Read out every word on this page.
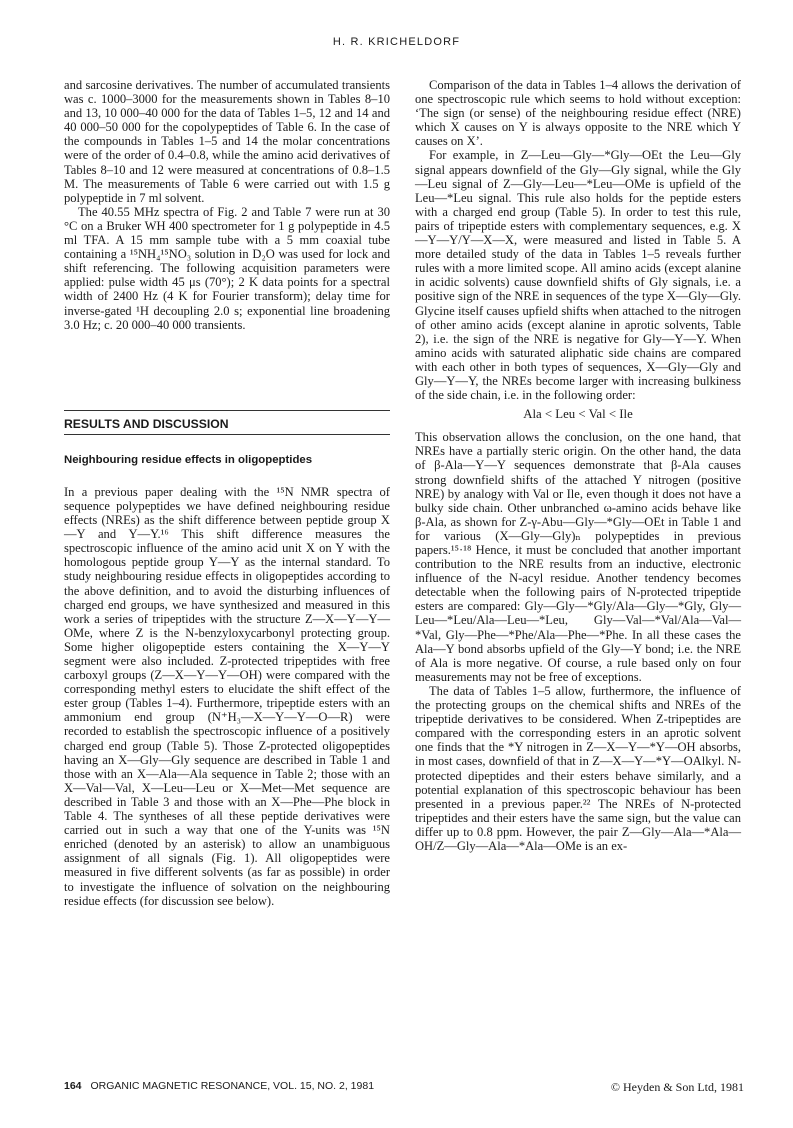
H. R. KRICHELDORF

and sarcosine derivatives. The number of accumulated transients was c. 1000–3000 for the measurements shown in Tables 8–10 and 13, 10 000–40 000 for the data of Tables 1–5, 12 and 14 and 40 000–50 000 for the copolypeptides of Table 6. In the case of the compounds in Tables 1–5 and 14 the molar concentrations were of the order of 0.4–0.8, while the amino acid derivatives of Tables 8–10 and 12 were measured at concentrations of 0.8–1.5 M. The measurements of Table 6 were carried out with 1.5 g polypeptide in 7 ml solvent.

The 40.55 MHz spectra of Fig. 2 and Table 7 were run at 30 °C on a Bruker WH 400 spectrometer for 1 g polypeptide in 4.5 ml TFA. A 15 mm sample tube with a 5 mm coaxial tube containing a ¹⁵NH₄¹⁵NO₃ solution in D₂O was used for lock and shift referencing. The following acquisition parameters were applied: pulse width 45 μs (70°); 2 K data points for a spectral width of 2400 Hz (4 K for Fourier transform); delay time for inverse-gated ¹H decoupling 2.0 s; exponential line broadening 3.0 Hz; c. 20 000–40 000 transients.

RESULTS AND DISCUSSION
Neighbouring residue effects in oligopeptides

In a previous paper dealing with the ¹⁵N NMR spectra of sequence polypeptides we have defined neighbouring residue effects (NREs) as the shift difference between peptide group X—Y and Y—Y.¹⁶ This shift difference measures the spectroscopic influence of the amino acid unit X on Y with the homologous peptide group Y—Y as the internal standard. To study neighbouring residue effects in oligopeptides according to the above definition, and to avoid the disturbing influences of charged end groups, we have synthesized and measured in this work a series of tripeptides with the structure Z—X—Y—Y—OMe, where Z is the N-benzyloxycarbonyl protecting group. Some higher oligopeptide esters containing the X—Y—Y segment were also included. Z-protected tripeptides with free carboxyl groups (Z—X—Y—Y—OH) were compared with the corresponding methyl esters to elucidate the shift effect of the ester group (Tables 1–4). Furthermore, tripeptide esters with an ammonium end group (N⁺H₃—X—Y—Y—O—R) were recorded to establish the spectroscopic influence of a positively charged end group (Table 5). Those Z-protected oligopeptides having an X—Gly—Gly sequence are described in Table 1 and those with an X—Ala—Ala sequence in Table 2; those with an X—Val—Val, X—Leu—Leu or X—Met—Met sequence are described in Table 3 and those with an X—Phe—Phe block in Table 4. The syntheses of all these peptide derivatives were carried out in such a way that one of the Y-units was ¹⁵N enriched (denoted by an asterisk) to allow an unambiguous assignment of all signals (Fig. 1). All oligopeptides were measured in five different solvents (as far as possible) in order to investigate the influence of solvation on the neighbouring residue effects (for discussion see below).

Comparison of the data in Tables 1–4 allows the derivation of one spectroscopic rule which seems to hold without exception: ‘The sign (or sense) of the neighbouring residue effect (NRE) which X causes on Y is always opposite to the NRE which Y causes on X’.

For example, in Z—Leu—Gly—*Gly—OEt the Leu—Gly signal appears downfield of the Gly—Gly signal, while the Gly—Leu signal of Z—Gly—Leu—*Leu—OMe is upfield of the Leu—*Leu signal. This rule also holds for the peptide esters with a charged end group (Table 5). In order to test this rule, pairs of tripeptide esters with complementary sequences, e.g. X—Y—Y/Y—X—X, were measured and listed in Table 5. A more detailed study of the data in Tables 1–5 reveals further rules with a more limited scope. All amino acids (except alanine in acidic solvents) cause downfield shifts of Gly signals, i.e. a positive sign of the NRE in sequences of the type X—Gly—Gly. Glycine itself causes upfield shifts when attached to the nitrogen of other amino acids (except alanine in aprotic solvents, Table 2), i.e. the sign of the NRE is negative for Gly—Y—Y. When amino acids with saturated aliphatic side chains are compared with each other in both types of sequences, X—Gly—Gly and Gly—Y—Y, the NREs become larger with increasing bulkiness of the side chain, i.e. in the following order:

Ala < Leu < Val < Ile

This observation allows the conclusion, on the one hand, that NREs have a partially steric origin. On the other hand, the data of β-Ala—Y—Y sequences demonstrate that β-Ala causes strong downfield shifts of the attached Y nitrogen (positive NRE) by analogy with Val or Ile, even though it does not have a bulky side chain. Other unbranched ω-amino acids behave like β-Ala, as shown for Z-γ-Abu—Gly—*Gly—OEt in Table 1 and for various (X—Gly—Gly)ₙ polypeptides in previous papers.¹⁵·¹⁸ Hence, it must be concluded that another important contribution to the NRE results from an inductive, electronic influence of the N-acyl residue. Another tendency becomes detectable when the following pairs of N-protected tripeptide esters are compared: Gly—Gly—*Gly/Ala—Gly—*Gly, Gly—Leu—*Leu/Ala—Leu—*Leu, Gly—Val—*Val/Ala—Val—*Val, Gly—Phe—*Phe/Ala—Phe—*Phe. In all these cases the Ala—Y bond absorbs upfield of the Gly—Y bond; i.e. the NRE of Ala is more negative. Of course, a rule based only on four measurements may not be free of exceptions.

The data of Tables 1–5 allow, furthermore, the influence of the protecting groups on the chemical shifts and NREs of the tripeptide derivatives to be considered. When Z-tripeptides are compared with the corresponding esters in an aprotic solvent one finds that the *Y nitrogen in Z—X—Y—*Y—OH absorbs, in most cases, downfield of that in Z—X—Y—*Y—OAlkyl. N-protected dipeptides and their esters behave similarly, and a potential explanation of this spectroscopic behaviour has been presented in a previous paper.²² The NREs of N-protected tripeptides and their esters have the same sign, but the value can differ up to 0.8 ppm. However, the pair Z—Gly—Ala—*Ala—OH/Z—Gly—Ala—*Ala—OMe is an ex-

164 ORGANIC MAGNETIC RESONANCE, VOL. 15, NO. 2, 1981	© Heyden & Son Ltd, 1981
